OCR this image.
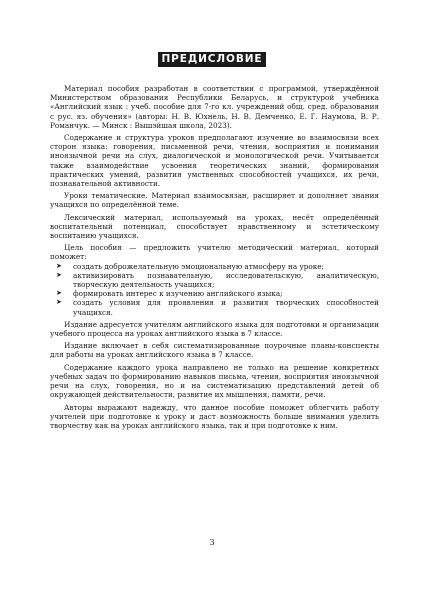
ПРЕДИСЛОВИЕ

Материал пособия разработан в соответствии с программой, утверждённой Министерством образования Республики Беларусь, и структурой учебника «Английский язык : учеб. пособие для 7-го кл. учреждений общ. сред. образования с рус. яз. обучения» (авторы: Н. В. Юхнель, Н. В. Демченко, Е. Г. Наумова, В. Р. Романчук. — Минск : Вышэйшая школа, 2023).

Содержание и структура уроков предполагают изучение во взаимосвязи всех сторон языка: говорения, письменной речи, чтения, восприятия и понимания иноязычной речи на слух, диалогической и монологической речи. Учитывается также взаимодействие усвоения теоретических знаний, формирования практических умений, развития умственных способностей учащихся, их речи, познавательной активности.

Уроки тематические. Материал взаимосвязан, расширяет и дополняет знания учащихся по определённой теме.

Лексический материал, используемый на уроках, несёт определённый воспитательный потенциал, способствует нравственному и эстетическому воспитанию учащихся.

Цель пособия — предложить учителю методический материал, который поможет:

➤ создать доброжелательную эмоциональную атмосферу на уроке;
➤ активизировать познавательную, исследовательскую, аналитическую, творческую деятельность учащихся;
➤ формировать интерес к изучению английского языка;
➤ создать условия для проявления и развития творческих способностей учащихся.

Издание адресуется учителям английского языка для подготовки и организации учебного процесса на уроках английского языка в 7 классе.

Издание включает в себя систематизированные поурочные планы-конспекты для работы на уроках английского языка в 7 классе.

Содержание каждого урока направлено не только на решение конкретных учебных задач по формированию навыков письма, чтения, восприятия иноязычной речи на слух, говорения, но и на систематизацию представлений детей об окружающей действительности, развитие их мышления, памяти, речи.

Авторы выражают надежду, что данное пособие поможет облегчить работу учителей при подготовке к уроку и даст возможность больше внимания уделить творчеству как на уроках английского языка, так и при подготовке к ним.

3
